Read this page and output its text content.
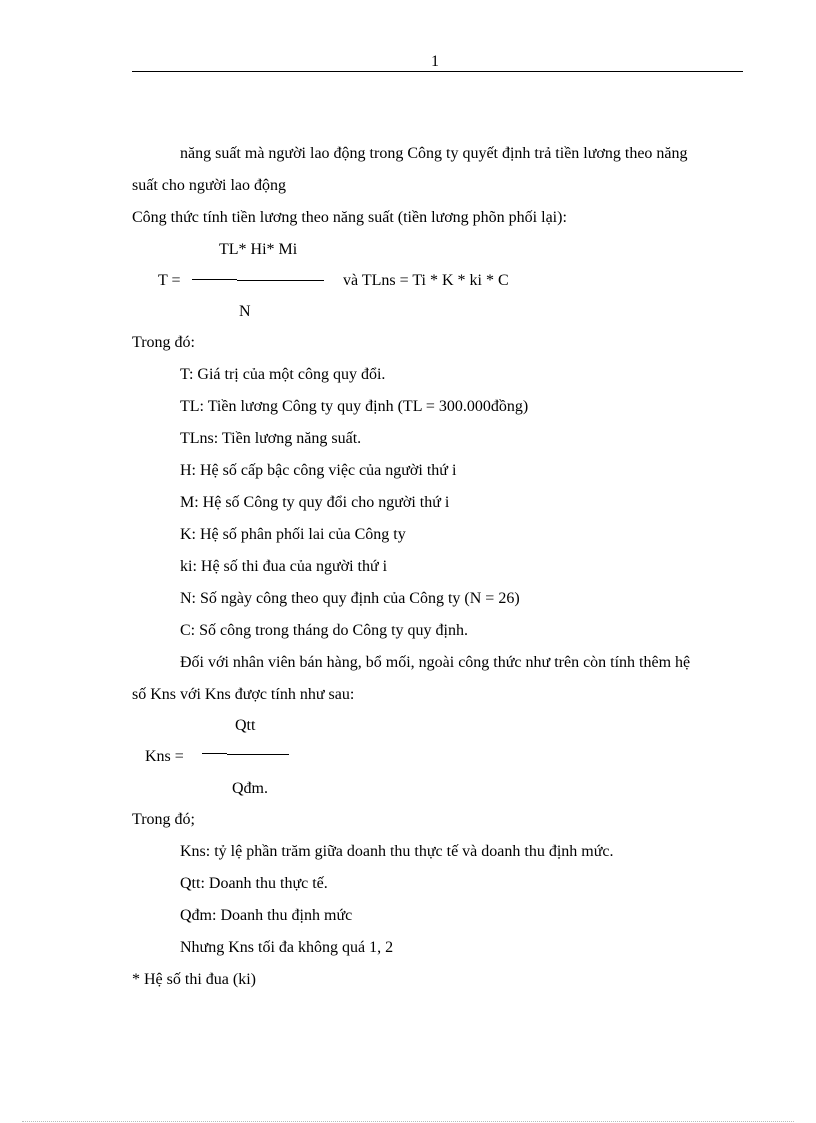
1
năng suất mà người lao động trong Công ty quyết định trả tiền lương theo năng
suất cho người lao động
Công thức tính tiền lương theo năng suất (tiền lương phõn phối lại):
TL* Hi* Mi
T =	và TLns = Ti * K * ki * C
N
Trong đó:
T: Giá trị của một công quy đổi.
TL: Tiền lương Công ty quy định (TL = 300.000đồng)
TLns: Tiền lương năng suất.
H: Hệ số cấp bậc công việc của người thứ i
M: Hệ số Công ty quy đổi cho người thứ i
K: Hệ số phân phối lai của Công ty
ki: Hệ số thi đua của người thứ i
N: Số ngày công theo quy định của Công ty (N = 26)
C: Số công trong tháng do Công ty quy định.
Đối với nhân viên bán hàng, bổ mối, ngoài công thức như trên còn tính thêm hệ
số Kns với Kns được tính như sau:
Qtt
Kns =
Qđm.
Trong đó;
Kns: tỷ lệ phần trăm giữa doanh thu thực tế và doanh thu định mức.
Qtt: Doanh thu thực tế.
Qđm: Doanh thu định mức
Nhưng Kns tối đa không quá 1, 2
* Hệ số thi đua (ki)
